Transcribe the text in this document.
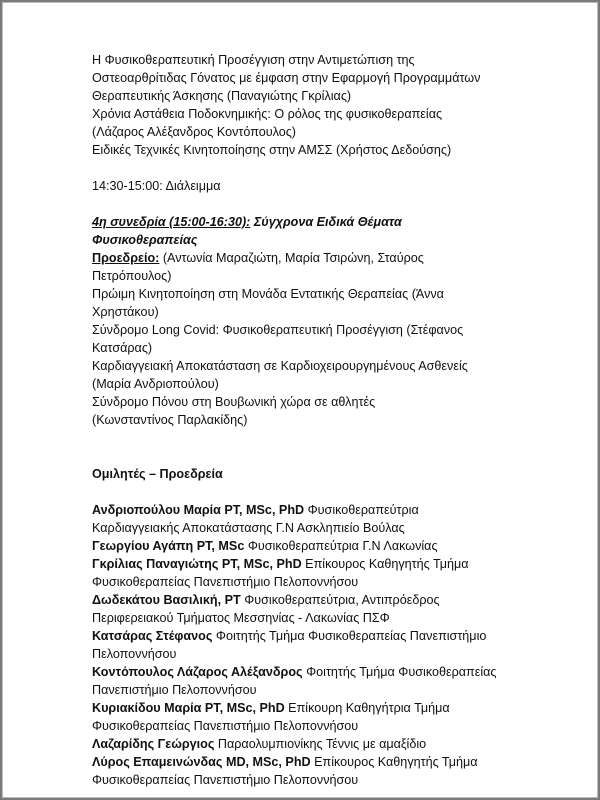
Η Φυσικοθεραπευτική Προσέγγιση στην Αντιμετώπιση της
Οστεοαρθρίτιδας Γόνατος με έμφαση στην Εφαρμογή Προγραμμάτων
Θεραπευτικής Άσκησης (Παναγιώτης Γκρίλιας)
Χρόνια Αστάθεια Ποδοκνημικής: Ο ρόλος της φυσικοθεραπείας
(Λάζαρος Αλέξανδρος Κοντόπουλος)
Ειδικές Τεχνικές Κινητοποίησης στην ΑΜΣΣ (Χρήστος Δεδούσης)
14:30-15:00: Διάλειμμα
4η συνεδρία (15:00-16:30): Σύγχρονα Ειδικά Θέματα
Φυσικοθεραπείας
Προεδρείο: (Αντωνία Μαραζιώτη, Μαρία Τσιρώνη, Σταύρος
Πετρόπουλος)
Πρώιμη Κινητοποίηση στη Μονάδα Εντατικής Θεραπείας (Άννα
Χρηστάκου)
Σύνδρομο Long Covid: Φυσικοθεραπευτική Προσέγγιση (Στέφανος
Κατσάρας)
Καρδιαγγειακή Αποκατάσταση σε Καρδιοχειρουργημένους Ασθενείς
(Μαρία Ανδριοπούλου)
Σύνδρομο Πόνου στη Βουβωνική χώρα σε αθλητές
(Κωνσταντίνος Παρλακίδης)
Ομιλητές – Προεδρεία
Ανδριοπούλου Μαρία PT, MSc, PhD Φυσικοθεραπεύτρια
Καρδιαγγειακής Αποκατάστασης Γ.Ν Ασκληπιείο Βούλας
Γεωργίου Αγάπη PT, MSc Φυσικοθεραπεύτρια Γ.Ν Λακωνίας
Γκρίλιας Παναγιώτης PT, MSc, PhD Επίκουρος Καθηγητής Τμήμα
Φυσικοθεραπείας Πανεπιστήμιο Πελοποννήσου
Δωδεκάτου Βασιλική, PT Φυσικοθεραπεύτρια, Αντιπρόεδρος
Περιφερειακού Τμήματος Μεσσηνίας - Λακωνίας ΠΣΦ
Κατσάρας Στέφανος Φοιτητής Τμήμα Φυσικοθεραπείας Πανεπιστήμιο
Πελοποννήσου
Κοντόπουλος Λάζαρος Αλέξανδρος Φοιτητής Τμήμα Φυσικοθεραπείας
Πανεπιστήμιο Πελοποννήσου
Κυριακίδου Μαρία PT, MSc, PhD Επίκουρη Καθηγήτρια Τμήμα
Φυσικοθεραπείας Πανεπιστήμιο Πελοποννήσου
Λαζαρίδης Γεώργιος Παραολυμπιονίκης Τέννις με αμαξίδιο
Λύρος Επαμεινώνδας MD, MSc, PhD Επίκουρος Καθηγητής Τμήμα
Φυσικοθεραπείας Πανεπιστήμιο Πελοποννήσου
